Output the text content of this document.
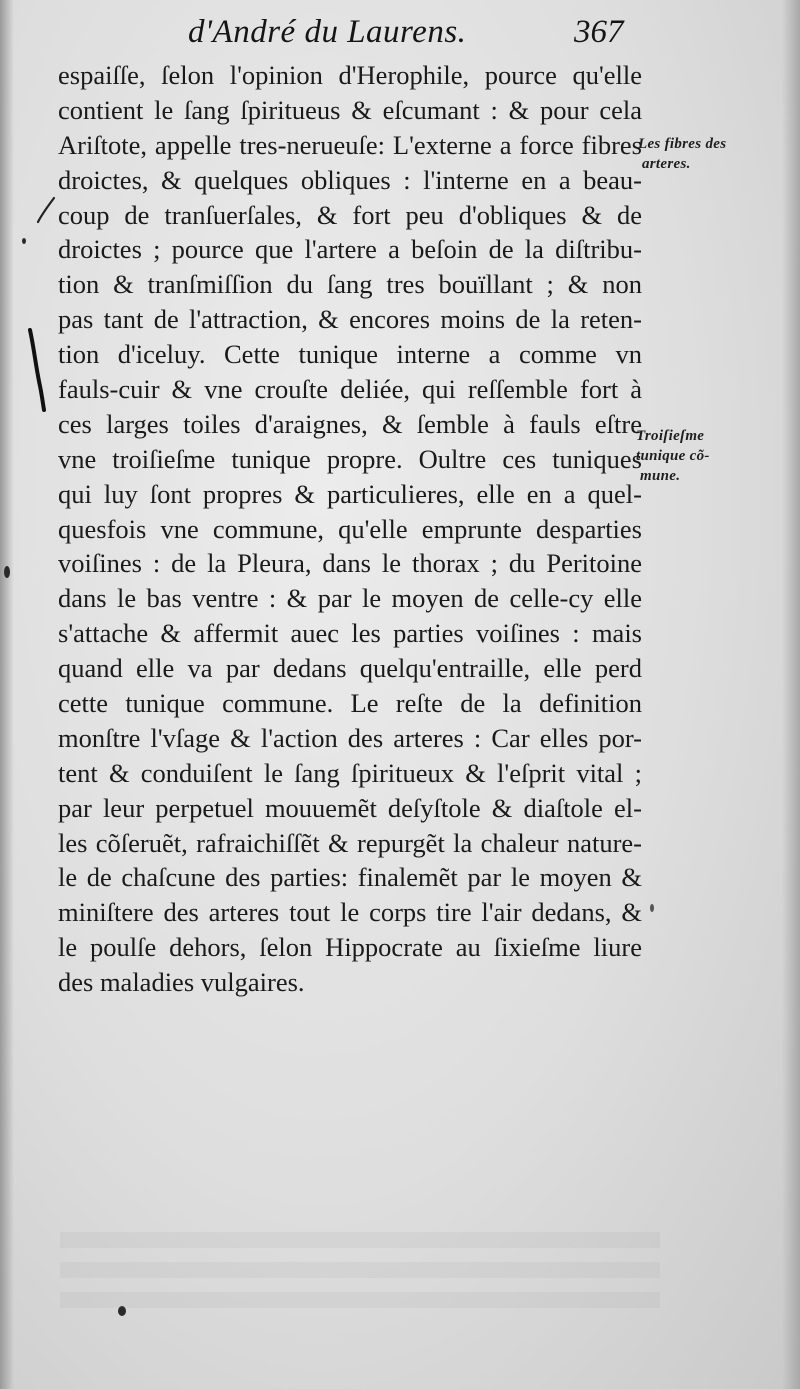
d'André du Laurens.	367
espaiſſe, ſelon l'opinion d'Herophile, pource qu'elle
contient le ſang ſpiritueus & eſcumant : & pour cela
Ariſtote, appelle tres-nerueuſe: L'externe a force fibres
droictes, & quelques obliques : l'interne en a beau-
coup de tranſuerſales, & fort peu d'obliques & de
droictes ; pource que l'artere a beſoin de la diſtribu-
tion & tranſmiſſion du ſang tres bouïllant ; & non
pas tant de l'attraction, & encores moins de la reten-
tion d'iceluy. Cette tunique interne a comme vn
fauls-cuir & vne crouſte deliée, qui reſſemble fort à
ces larges toiles d'araignes, & ſemble à fauls eſtre
vne troiſieſme tunique propre. Oultre ces tuniques
qui luy ſont propres & particulieres, elle en a quel-
quesfois vne commune, qu'elle emprunte desparties
voiſines : de la Pleura, dans le thorax ; du Peritoine
dans le bas ventre : & par le moyen de celle-cy elle
s'attache & affermit auec les parties voiſines : mais
quand elle va par dedans quelqu'entraille, elle perd
cette tunique commune. Le reſte de la definition
monſtre l'vſage & l'action des arteres : Car elles por-
tent & conduiſent le ſang ſpiritueux & l'eſprit vital ;
par leur perpetuel mouuemẽt deſyſtole & diaſtole el-
les cõſeruẽt, rafraichiſſẽt & repurgẽt la chaleur nature-
le de chaſcune des parties: finalemẽt par le moyen &
miniſtere des arteres tout le corps tire l'air dedans, &
le poulſe dehors, ſelon Hippocrate au ſixieſme liure
des maladies vulgaires.
Les fibres des
arteres.
Troiſieſme
tunique cõ-
mune.
